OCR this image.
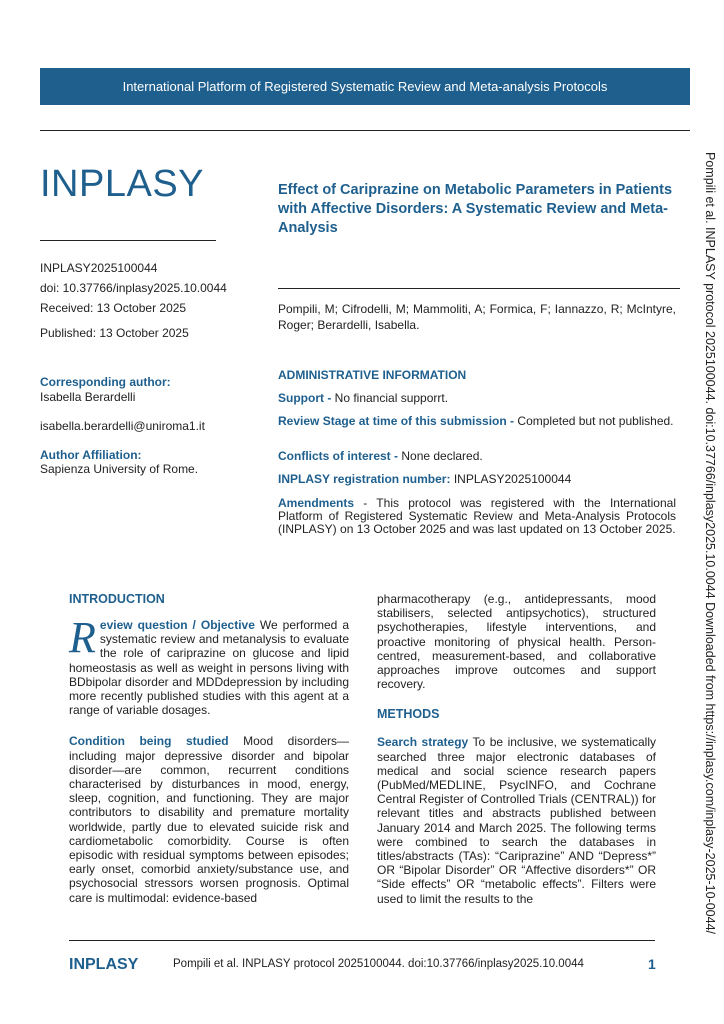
International Platform of Registered Systematic Review and Meta-analysis Protocols
INPLASY
INPLASY2025100044
doi: 10.37766/inplasy2025.10.0044
Received: 13 October 2025
Published: 13 October 2025
Corresponding author:
Isabella Berardelli
isabella.berardelli@uniroma1.it
Author Affiliation:
Sapienza University of Rome.
Effect of Cariprazine on Metabolic Parameters in Patients with Affective Disorders: A Systematic Review and Meta-Analysis
Pompili, M; Cifrodelli, M; Mammoliti, A; Formica, F; Iannazzo, R; McIntyre, Roger; Berardelli, Isabella.
ADMINISTRATIVE INFORMATION
Support - No financial supporrt.
Review Stage at time of this submission - Completed but not published.
Conflicts of interest - None declared.
INPLASY registration number: INPLASY2025100044
Amendments - This protocol was registered with the International Platform of Registered Systematic Review and Meta-Analysis Protocols (INPLASY) on 13 October 2025 and was last updated on 13 October 2025.
INTRODUCTION
Review question / Objective We performed a systematic review and metanalysis to evaluate the role of cariprazine on glucose and lipid homeostasis as well as weight in persons living with BDbipolar disorder and MDDdepression by including more recently published studies with this agent at a range of variable dosages.
Condition being studied Mood disorders—including major depressive disorder and bipolar disorder—are common, recurrent conditions characterised by disturbances in mood, energy, sleep, cognition, and functioning. They are major contributors to disability and premature mortality worldwide, partly due to elevated suicide risk and cardiometabolic comorbidity. Course is often episodic with residual symptoms between episodes; early onset, comorbid anxiety/substance use, and psychosocial stressors worsen prognosis. Optimal care is multimodal: evidence-based
pharmacotherapy (e.g., antidepressants, mood stabilisers, selected antipsychotics), structured psychotherapies, lifestyle interventions, and proactive monitoring of physical health. Person-centred, measurement-based, and collaborative approaches improve outcomes and support recovery.
METHODS
Search strategy To be inclusive, we systematically searched three major electronic databases of medical and social science research papers (PubMed/MEDLINE, PsycINFO, and Cochrane Central Register of Controlled Trials (CENTRAL)) for relevant titles and abstracts published between January 2014 and March 2025. The following terms were combined to search the databases in titles/abstracts (TAs): “Cariprazine” AND “Depress*” OR “Bipolar Disorder” OR “Affective disorders*” OR “Side effects” OR “metabolic effects”. Filters were used to limit the results to the	Pompili et al. INPLASY protocol 2025100044. doi:10.37766/inplasy2025.10.0044 Downloaded from https://inplasy.com/inplasy-2025-10-0044/
INPLASY	Pompili et al. INPLASY protocol 2025100044. doi:10.37766/inplasy2025.10.0044	1
